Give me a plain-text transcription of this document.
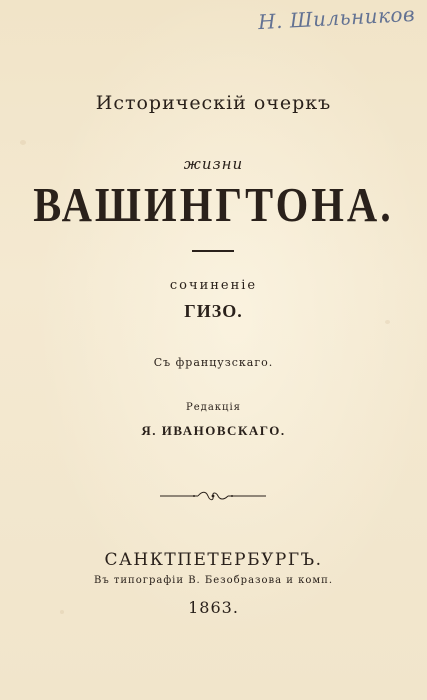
Н. Шильников
Историческій очеркъ
жизни
ВАШИНГТОНА.
сочиненіе
ГИЗО.
Съ французскаго.
Редакція
Я. ИВАНОВСКАГО.
САНКТПЕТЕРБУРГЪ.
Въ типографіи В. Безобразова и комп.
1863.
